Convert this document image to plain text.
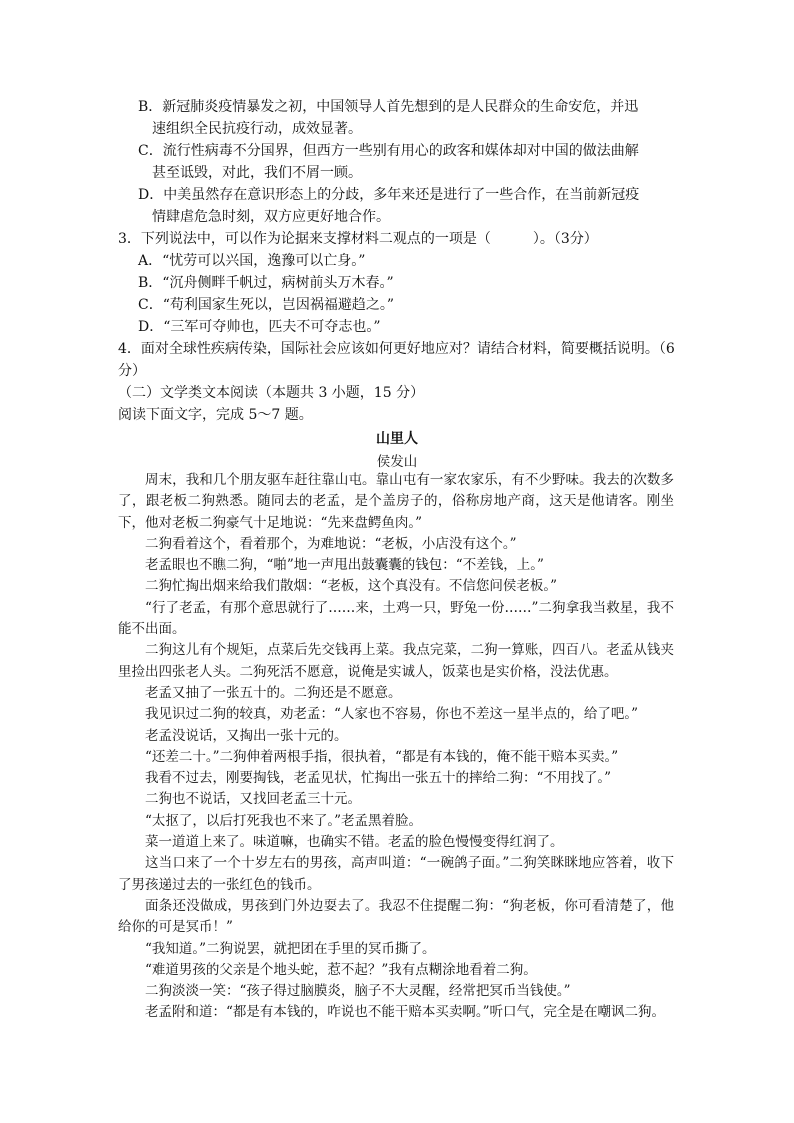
B．新冠肺炎疫情暴发之初，中国领导人首先想到的是人民群众的生命安危，并迅
速组织全民抗疫行动，成效显著。
C．流行性病毒不分国界，但西方一些别有用心的政客和媒体却对中国的做法曲解
甚至诋毁，对此，我们不屑一顾。
D．中美虽然存在意识形态上的分歧，多年来还是进行了一些合作，在当前新冠疫
情肆虐危急时刻，双方应更好地合作。
3．下列说法中，可以作为论据来支撑材料二观点的一项是（　　　）。（3分）
A．“忧劳可以兴国，逸豫可以亡身。”
B．“沉舟侧畔千帆过，病树前头万木春。”
C．“苟利国家生死以，岂因祸福避趋之。”
D．“三军可夺帅也，匹夫不可夺志也。”
4．面对全球性疾病传染，国际社会应该如何更好地应对？请结合材料，简要概括说明。（6
分）
（二）文学类文本阅读（本题共 3 小题，15 分）
阅读下面文字，完成 5～7 题。
山里人
侯发山

周末，我和几个朋友驱车赶往靠山屯。靠山屯有一家农家乐，有不少野味。我去的次数多了，跟老板二狗熟悉。随同去的老孟，是个盖房子的，俗称房地产商，这天是他请客。刚坐下，他对老板二狗豪气十足地说：“先来盘鳄鱼肉。”

二狗看着这个，看着那个，为难地说：“老板，小店没有这个。”

老孟眼也不瞧二狗，“啪”地一声甩出鼓囊囊的钱包：“不差钱，上。”

二狗忙掏出烟来给我们散烟：“老板，这个真没有。不信您问侯老板。”

“行了老孟，有那个意思就行了……来，土鸡一只，野兔一份……”二狗拿我当救星，我不能不出面。

二狗这儿有个规矩，点菜后先交钱再上菜。我点完菜，二狗一算账，四百八。老孟从钱夹里捡出四张老人头。二狗死活不愿意，说俺是实诚人，饭菜也是实价格，没法优惠。

老孟又抽了一张五十的。二狗还是不愿意。

我见识过二狗的较真，劝老孟：“人家也不容易，你也不差这一星半点的，给了吧。”

老孟没说话，又掏出一张十元的。

“还差二十。”二狗伸着两根手指，很执着，“都是有本钱的，俺不能干赔本买卖。”

我看不过去，刚要掏钱，老孟见状，忙掏出一张五十的摔给二狗：“不用找了。”

二狗也不说话，又找回老孟三十元。

“太抠了，以后打死我也不来了。”老孟黑着脸。

菜一道道上来了。味道嘛，也确实不错。老孟的脸色慢慢变得红润了。

这当口来了一个十岁左右的男孩，高声叫道：“一碗鸽子面。”二狗笑眯眯地应答着，收下了男孩递过去的一张红色的钱币。

面条还没做成，男孩到门外边耍去了。我忍不住提醒二狗：“狗老板，你可看清楚了，他给你的可是冥币！”

“我知道。”二狗说罢，就把团在手里的冥币撕了。

“难道男孩的父亲是个地头蛇，惹不起？”我有点糊涂地看着二狗。

二狗淡淡一笑：“孩子得过脑膜炎，脑子不大灵醒，经常把冥币当钱使。”

老孟附和道：“都是有本钱的，咋说也不能干赔本买卖啊。”听口气，完全是在嘲讽二狗。
